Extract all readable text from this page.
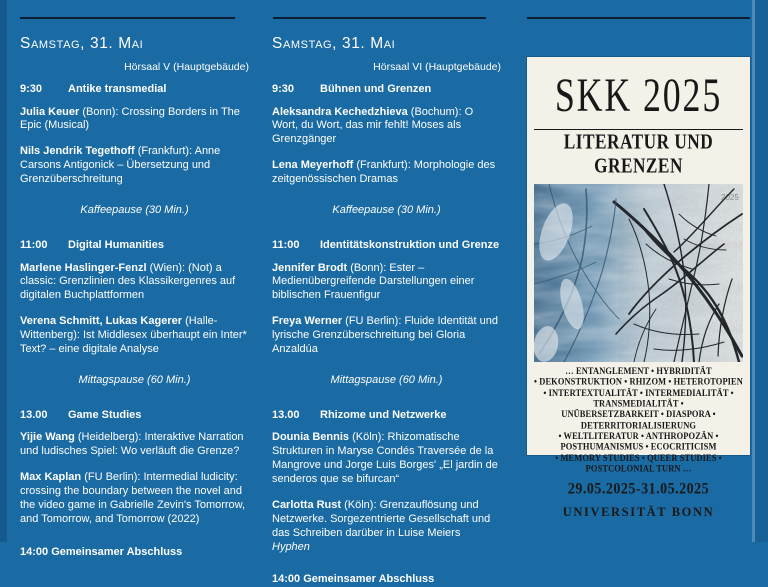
Samstag, 31. Mai
Hörsaal V (Hauptgebäude)
9:30	Antike transmedial

Julia Keuer (Bonn): Crossing Borders in The Epic (Musical)

Nils Jendrik Tegethoff (Frankfurt): Anne Carsons Antigonick – Übersetzung und Grenzüberschreitung

Kaffeepause (30 Min.)
11:00	Digital Humanities

Marlene Haslinger-Fenzl (Wien): (Not) a classic: Grenzlinien des Klassikergenres auf digitalen Buchplattformen

Verena Schmitt, Lukas Kagerer (Halle-Wittenberg): Ist Middlesex überhaupt ein Inter* Text? – eine digitale Analyse

Mittagspause (60 Min.)
13.00	Game Studies

Yijie Wang (Heidelberg): Interaktive Narration und ludisches Spiel: Wo verläuft die Grenze?

Max Kaplan (FU Berlin): Intermedial ludicity: crossing the boundary between the novel and the video game in Gabrielle Zevin's Tomorrow, and Tomorrow, and Tomorrow (2022)

14:00 Gemeinsamer Abschluss
Samstag, 31. Mai
Hörsaal VI (Hauptgebäude)
9:30	Bühnen und Grenzen

Aleksandra Kechedzhieva (Bochum): O Wort, du Wort, das mir fehlt! Moses als Grenzgänger

Lena Meyerhoff (Frankfurt): Morphologie des zeitgenössischen Dramas

Kaffeepause (30 Min.)
11:00	Identitätskonstruktion und Grenze

Jennifer Brodt (Bonn): Ester – Medienübergreifende Darstellungen einer biblischen Frauenfigur

Freya Werner (FU Berlin): Fluide Identität und lyrische Grenzüberschreitung bei Gloria Anzaldúa

Mittagspause (60 Min.)
13.00	Rhizome und Netzwerke

Dounia Bennis (Köln): Rhizomatische Strukturen in Maryse Condés Traversée de la Mangrove und Jorge Luis Borges' „El jardin de senderos que se bifurcan“

Carlotta Rust (Köln): Grenzauflösung und Netzwerke. Sorgezentrierte Gesellschaft und das Schreiben darüber in Luise Meiers Hyphen

14:00 Gemeinsamer Abschluss
SKK 2025
LITERATUR UND GRENZEN
2025
… ENTANGLEMENT • HYBRIDITÄT
• DEKONSTRUKTION • RHIZOM • HETEROTOPIEN
• INTERTEXTUALITÄT • INTERMEDIALITÄT • TRANSMEDIALITÄT •
UNÜBERSETZBARKEIT • DIASPORA • DETERRITORIALISIERUNG
• WELTLITERATUR • ANTHROPOZÄN • POSTHUMANISMUS • ECOCRITICISM
• MEMORY STUDIES • QUEER STUDIES • POSTCOLONIAL TURN …
29.05.2025-31.05.2025
UNIVERSITÄT BONN
